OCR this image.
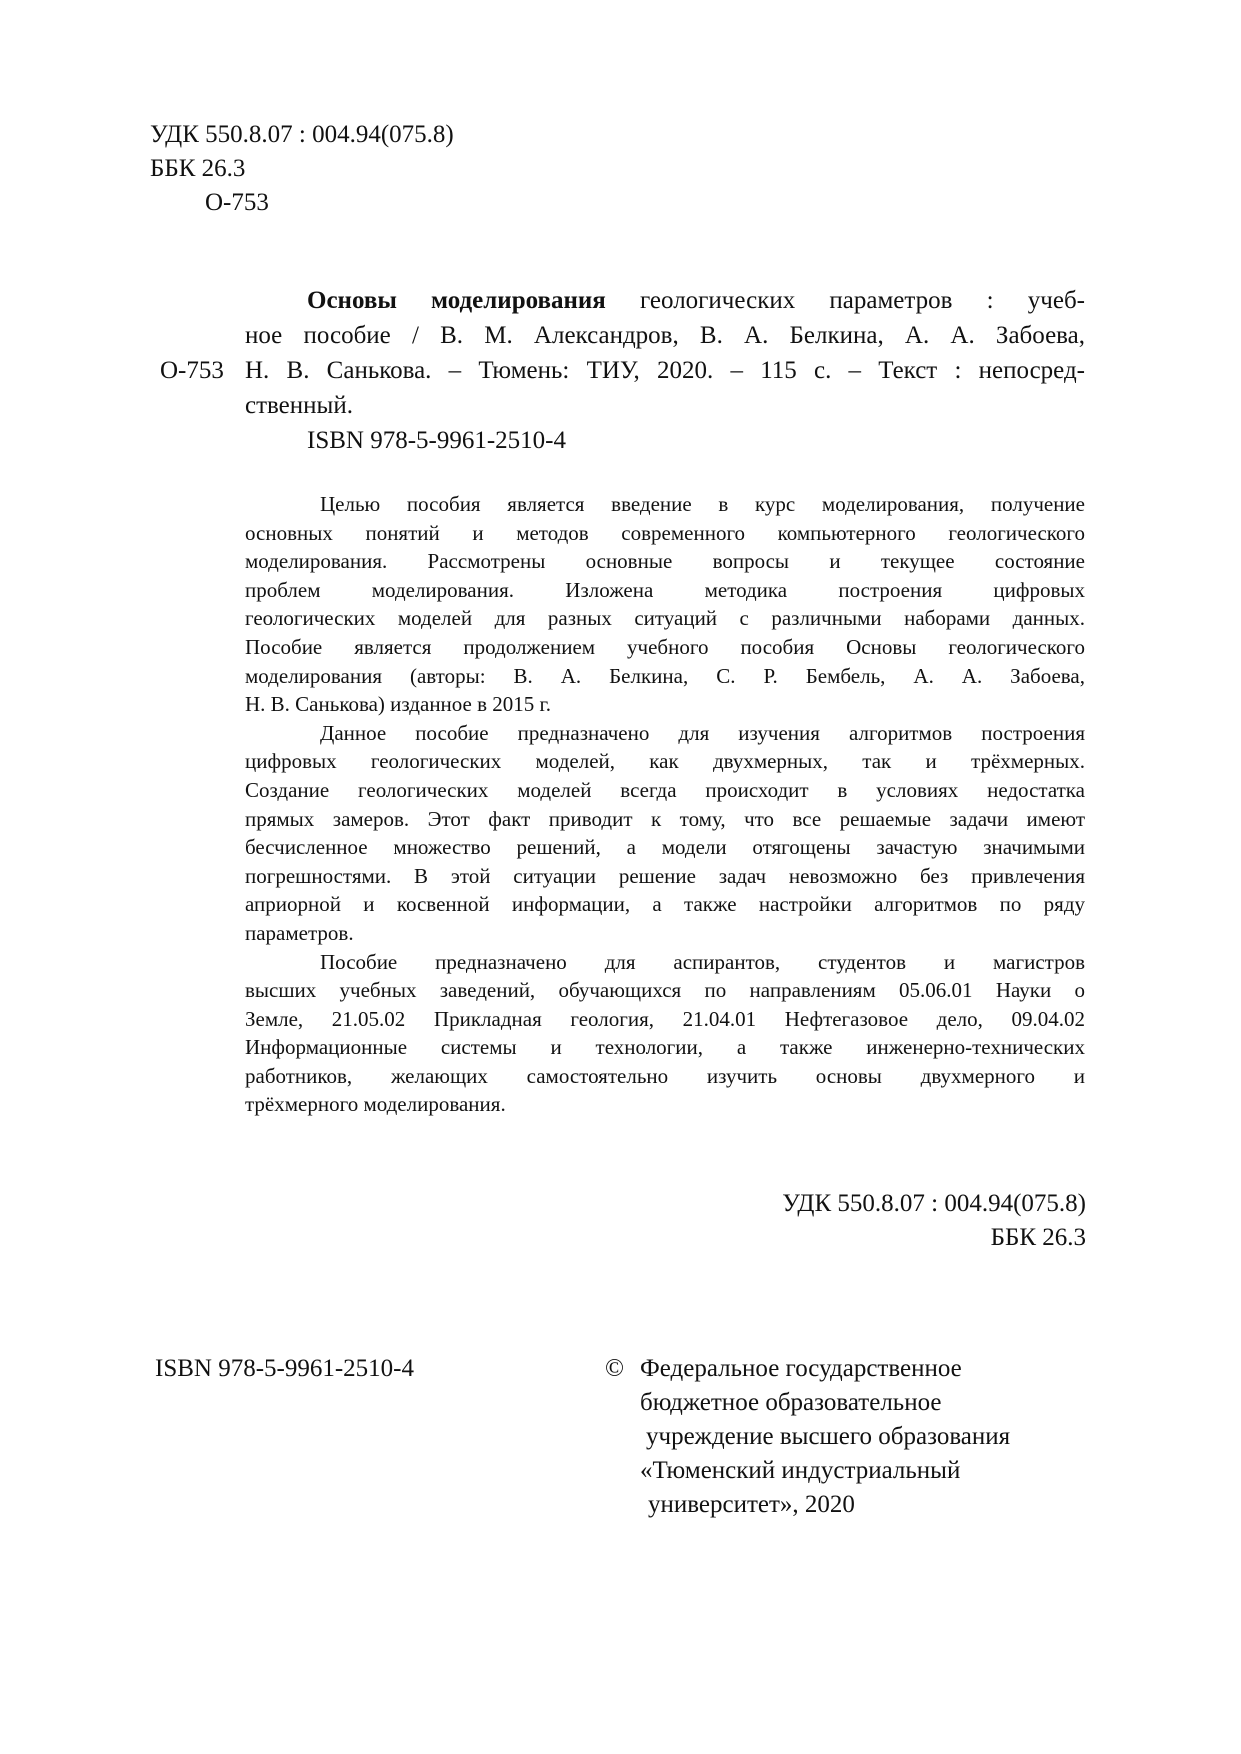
УДК 550.8.07 : 004.94(075.8)
ББК 26.3
О-753
О-753
Основы моделирования геологических параметров : учеб-
ное пособие / В. М. Александров, В. А. Белкина, А. А. Забоева,
Н. В. Санькова. – Тюмень: ТИУ, 2020. – 115 с. – Текст : непосред-
ственный.
ISBN 978-5-9961-2510-4
Целью пособия является введение в курс моделирования, получение
основных понятий и методов современного компьютерного геологического
моделирования. Рассмотрены основные вопросы и текущее состояние
проблем моделирования. Изложена методика построения цифровых
геологических моделей для разных ситуаций с различными наборами данных.
Пособие является продолжением учебного пособия Основы геологического
моделирования (авторы: В. А. Белкина, С. Р. Бембель, А. А. Забоева,
Н. В. Санькова) изданное в 2015 г.
Данное пособие предназначено для изучения алгоритмов построения
цифровых геологических моделей, как двухмерных, так и трёхмерных.
Создание геологических моделей всегда происходит в условиях недостатка
прямых замеров. Этот факт приводит к тому, что все решаемые задачи имеют
бесчисленное множество решений, а модели отягощены зачастую значимыми
погрешностями. В этой ситуации решение задач невозможно без привлечения
априорной и косвенной информации, а также настройки алгоритмов по ряду
параметров.
Пособие предназначено для аспирантов, студентов и магистров
высших учебных заведений, обучающихся по направлениям 05.06.01 Науки о
Земле, 21.05.02 Прикладная геология, 21.04.01 Нефтегазовое дело, 09.04.02
Информационные системы и технологии, а также инженерно-технических
работников, желающих самостоятельно изучить основы двухмерного и
трёхмерного моделирования.
УДК 550.8.07 : 004.94(075.8)
ББК 26.3
ISBN 978-5-9961-2510-4	© Федеральное государственное
бюджетное образовательное
учреждение высшего образования
«Тюменский индустриальный
университет», 2020
